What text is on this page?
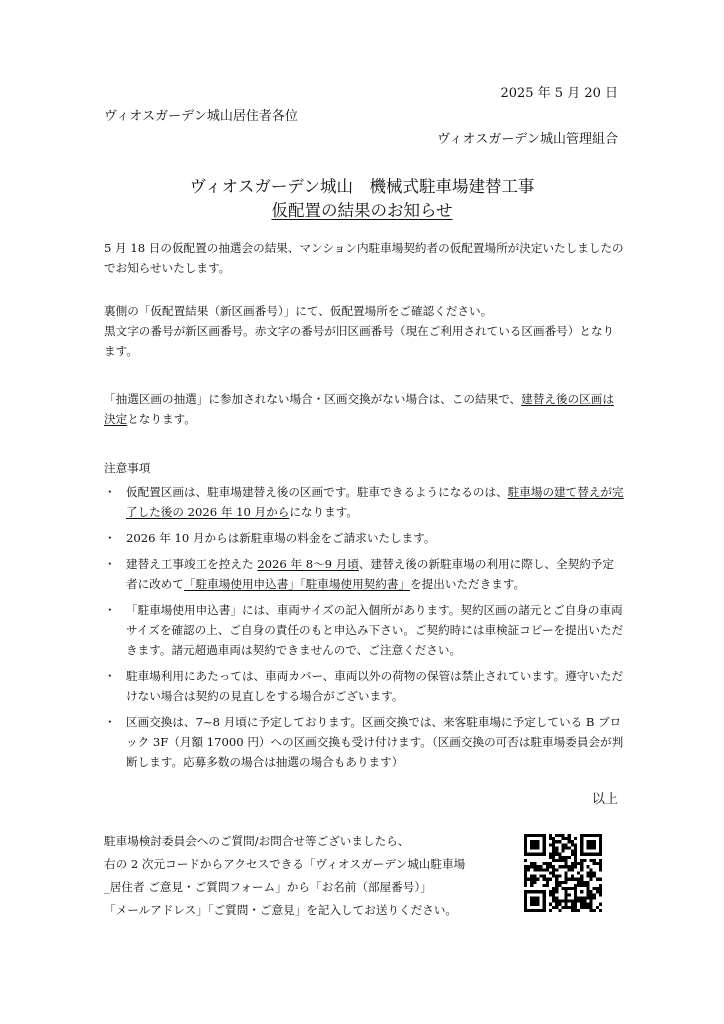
2025 年 5 月 20 日
ヴィオスガーデン城山居住者各位
ヴィオスガーデン城山管理組合
ヴィオスガーデン城山　機械式駐車場建替工事
仮配置の結果のお知らせ

5 月 18 日の仮配置の抽選会の結果、マンション内駐車場契約者の仮配置場所が決定いたしましたのでお知らせいたします。

裏側の「仮配置結果（新区画番号）」にて、仮配置場所をご確認ください。

黒文字の番号が新区画番号。赤文字の番号が旧区画番号（現在ご利用されている区画番号）となります。

「抽選区画の抽選」に参加されない場合・区画交換がない場合は、この結果で、建替え後の区画は決定となります。

注意事項
・ 仮配置区画は、駐車場建替え後の区画です。駐車できるようになるのは、駐車場の建て替えが完了した後の 2026 年 10 月からになります。
・ 2026 年 10 月からは新駐車場の料金をご請求いたします。
・ 建替え工事竣工を控えた 2026 年 8～9 月頃、建替え後の新駐車場の利用に際し、全契約予定者に改めて「駐車場使用申込書」「駐車場使用契約書」を提出いただきます。
・ 「駐車場使用申込書」には、車両サイズの記入個所があります。契約区画の諸元とご自身の車両サイズを確認の上、ご自身の責任のもと申込み下さい。ご契約時には車検証コピーを提出いただきます。諸元超過車両は契約できませんので、ご注意ください。
・ 駐車場利用にあたっては、車両カバー、車両以外の荷物の保管は禁止されています。遵守いただけない場合は契約の見直しをする場合がございます。
・ 区画交換は、7~8 月頃に予定しております。区画交換では、来客駐車場に予定している B ブロック 3F（月額 17000 円）への区画交換も受け付けます。（区画交換の可否は駐車場委員会が判断します。応募多数の場合は抽選の場合もあります）
以上

駐車場検討委員会へのご質問/お問合せ等ございましたら、

右の 2 次元コードからアクセスできる「ヴィオスガーデン城山駐車場

_居住者 ご意見・ご質問フォーム」から「お名前（部屋番号）」

「メールアドレス」「ご質問・ご意見」を記入してお送りください。
